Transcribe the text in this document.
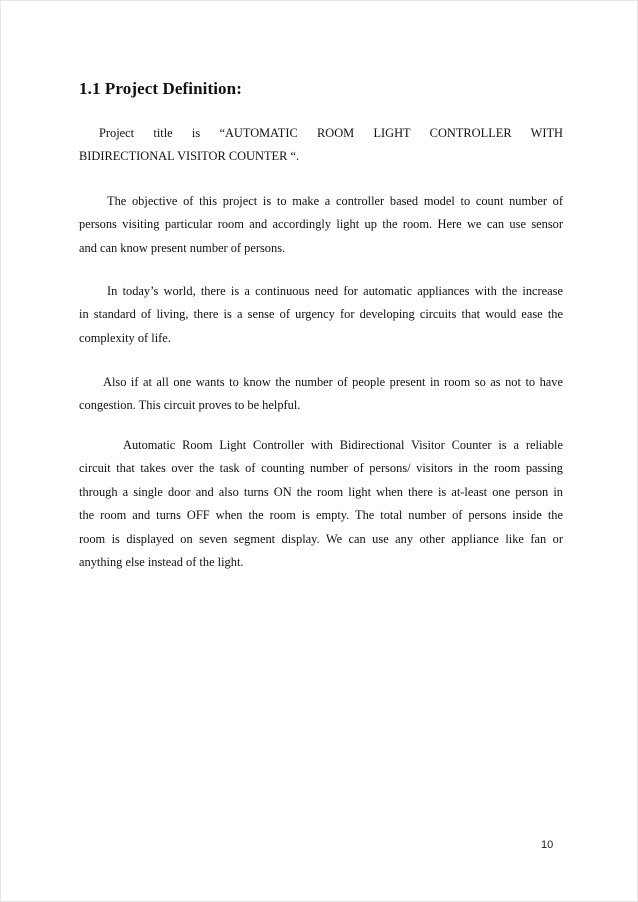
1.1 Project Definition:
Project title is “AUTOMATIC ROOM LIGHT CONTROLLER WITH
BIDIRECTIONAL VISITOR COUNTER “.
The objective of this project is to make a controller based model to count number of
persons visiting particular room and accordingly light up the room. Here we can use sensor
and can know present number of persons.
In today’s world, there is a continuous need for automatic appliances with the increase
in standard of living, there is a sense of urgency for developing circuits that would ease the
complexity of life.
Also if at all one wants to know the number of people present in room so as not to have
congestion. This circuit proves to be helpful.
Automatic Room Light Controller with Bidirectional Visitor Counter is a reliable
circuit that takes over the task of counting number of persons/ visitors in the room passing
through a single door and also turns ON the room light when there is at-least one person in
the room and turns OFF when the room is empty. The total number of persons inside the
room is displayed on seven segment display. We can use any other appliance like fan or
anything else instead of the light.
10
